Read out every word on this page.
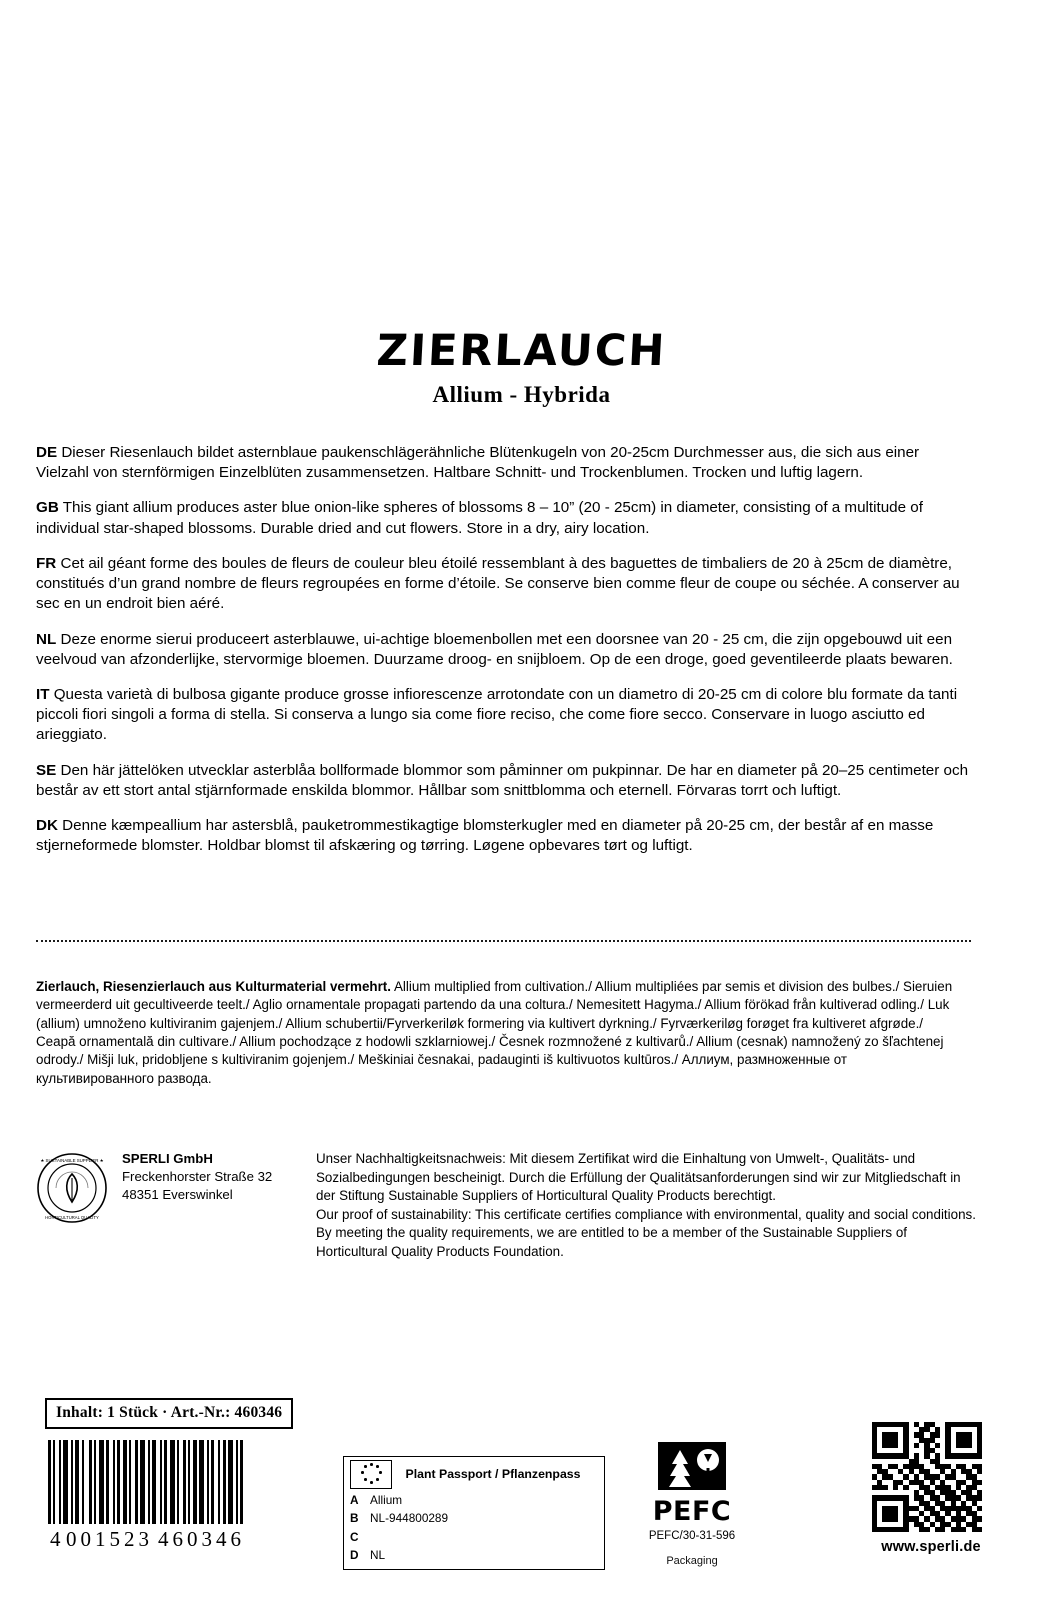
ZIERLAUCH
Allium - Hybrida

DE Dieser Riesenlauch bildet asternblaue paukenschlägerähnliche Blütenkugeln von 20-25cm Durchmesser aus, die sich aus einer Vielzahl von sternförmigen Einzelblüten zusammensetzen. Haltbare Schnitt- und Trockenblumen. Trocken und luftig lagern.

GB This giant allium produces aster blue onion-like spheres of blossoms 8 – 10” (20 - 25cm) in diameter, consisting of a multitude of individual star-shaped blossoms. Durable dried and cut flowers. Store in a dry, airy location.

FR Cet ail géant forme des boules de fleurs de couleur bleu étoilé ressemblant à des baguettes de timbaliers de 20 à 25cm de diamètre, constitués d’un grand nombre de fleurs regroupées en forme d’étoile. Se conserve bien comme fleur de coupe ou séchée. A conserver au sec en un endroit bien aéré.

NL Deze enorme sierui produceert asterblauwe, ui-achtige bloemenbollen met een doorsnee van 20 - 25 cm, die zijn opgebouwd uit een veelvoud van afzonderlijke, stervormige bloemen. Duurzame droog- en snijbloem. Op de een droge, goed geventileerde plaats bewaren.

IT Questa varietà di bulbosa gigante produce grosse infiorescenze arrotondate con un diametro di 20-25 cm di colore blu formate da tanti piccoli fiori singoli a forma di stella. Si conserva a lungo sia come fiore reciso, che come fiore secco. Conservare in luogo asciutto ed arieggiato.

SE Den här jättelöken utvecklar asterblåa bollformade blommor som påminner om pukpinnar. De har en diameter på 20–25 centimeter och består av ett stort antal stjärnformade enskilda blommor. Hållbar som snittblomma och eternell. Förvaras torrt och luftigt.

DK Denne kæmpeallium har astersblå, pauketrommestikagtige blomsterkugler med en diameter på 20-25 cm, der består af en masse stjerneformede blomster. Holdbar blomst til afskæring og tørring. Løgene opbevares tørt og luftigt.

Zierlauch, Riesenzierlauch aus Kulturmaterial vermehrt. Allium multiplied from cultivation./ Allium multipliées par semis et division des bulbes./ Sieruien vermeerderd uit gecultiveerde teelt./ Aglio ornamentale propagati partendo da una coltura./ Nemesitett Hagyma./ Allium förökad från kultiverad odling./ Luk (allium) umnoženo kultiviranim gajenjem./ Allium schubertii/Fyrverkeriløk formering via kultivert dyrkning./ Fyrværkeriløg forøget fra kultiveret afgrøde./ Ceapă ornamentală din cultivare./ Allium pochodzące z hodowli szklarniowej./ Česnek rozmnožené z kultivarů./ Allium (cesnak) namnožený zo šľachtenej odrody./ Mišji luk, pridobljene s kultiviranim gojenjem./ Meškiniai česnakai, padauginti iš kultivuotos kultūros./ Аллиум, размноженные от культивированного развода.
★ SUSTAINABLE SUPPLIER ★
HORTICULTURAL QUALITY
SPERLI GmbH
Freckenhorster Straße 32
48351 Everswinkel

Unser Nachhaltigkeitsnachweis: Mit diesem Zertifikat wird die Einhaltung von Umwelt-, Qualitäts- und Sozialbedingungen bescheinigt. Durch die Erfüllung der Qualitätsanforderungen sind wir zur Mitgliedschaft in der Stiftung Sustainable Suppliers of Horticultural Quality Products berechtigt.

Our proof of sustainability: This certificate certifies compliance with environmental, quality and social conditions. By meeting the quality requirements, we are entitled to be a member of the Sustainable Suppliers of Horticultural Quality Products Foundation.

Inhalt: 1 Stück · Art.-Nr.: 460346
4 001523 460346
Plant Passport / Pflanzenpass
A Allium
B NL-944800289
C
D NL
PEFC
PEFC/30-31-596
Packaging
www.sperli.de
